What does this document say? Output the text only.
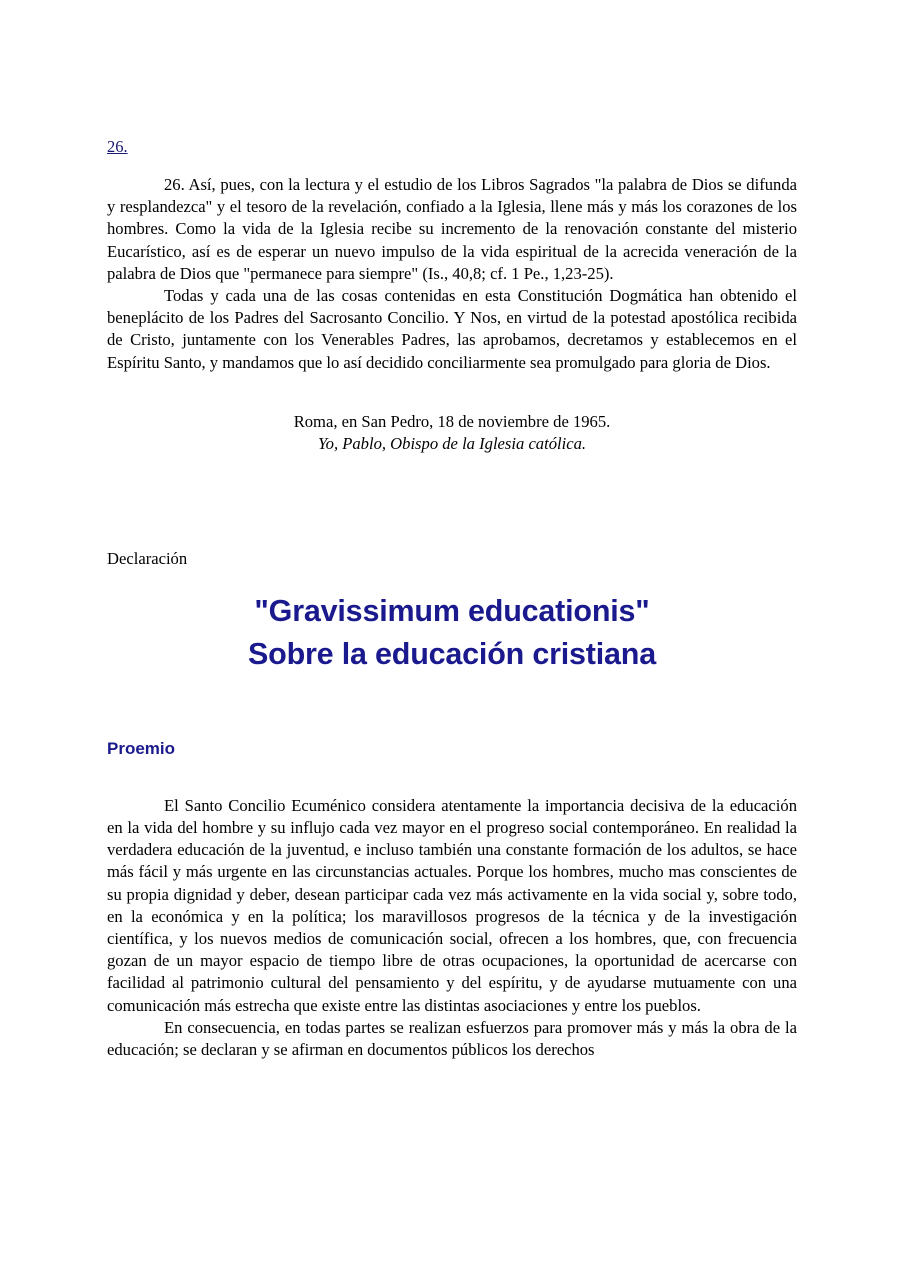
26.

26. Así, pues, con la lectura y el estudio de los Libros Sagrados "la palabra de Dios se difunda y resplandezca" y el tesoro de la revelación, confiado a la Iglesia, llene más y más los corazones de los hombres. Como la vida de la Iglesia recibe su incremento de la renovación constante del misterio Eucarístico, así es de esperar un nuevo impulso de la vida espiritual de la acrecida veneración de la palabra de Dios que "permanece para siempre" (Is., 40,8; cf. 1 Pe., 1,23-25).

Todas y cada una de las cosas contenidas en esta Constitución Dogmática han obtenido el beneplácito de los Padres del Sacrosanto Concilio. Y Nos, en virtud de la potestad apostólica recibida de Cristo, juntamente con los Venerables Padres, las aprobamos, decretamos y establecemos en el Espíritu Santo, y mandamos que lo así decidido conciliarmente sea promulgado para gloria de Dios.

Roma, en San Pedro, 18 de noviembre de 1965.
Yo, Pablo, Obispo de la Iglesia católica.
Declaración
"Gravissimum educationis"
Sobre la educación cristiana
Proemio

El Santo Concilio Ecuménico considera atentamente la importancia decisiva de la educación en la vida del hombre y su influjo cada vez mayor en el progreso social contemporáneo. En realidad la verdadera educación de la juventud, e incluso también una constante formación de los adultos, se hace más fácil y más urgente en las circunstancias actuales. Porque los hombres, mucho mas conscientes de su propia dignidad y deber, desean participar cada vez más activamente en la vida social y, sobre todo, en la económica y en la política; los maravillosos progresos de la técnica y de la investigación científica, y los nuevos medios de comunicación social, ofrecen a los hombres, que, con frecuencia gozan de un mayor espacio de tiempo libre de otras ocupaciones, la oportunidad de acercarse con facilidad al patrimonio cultural del pensamiento y del espíritu, y de ayudarse mutuamente con una comunicación más estrecha que existe entre las distintas asociaciones y entre los pueblos.

En consecuencia, en todas partes se realizan esfuerzos para promover más y más la obra de la educación; se declaran y se afirman en documentos públicos los derechos
